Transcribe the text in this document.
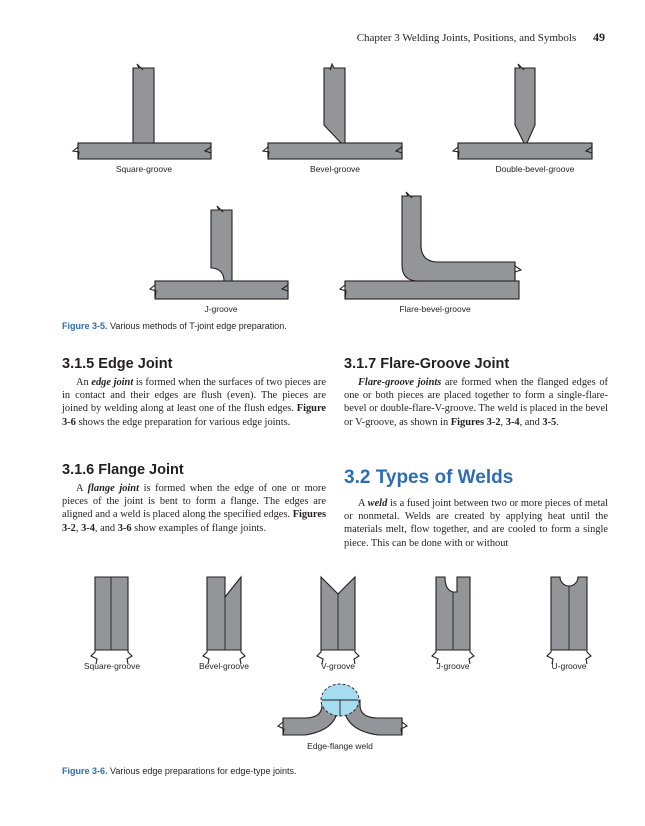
Chapter 3 Welding Joints, Positions, and Symbols 49
Square-groove	Bevel-groove	Double-bevel-groove
J-groove	Flare-bevel-groove
Figure 3-5. Various methods of T-joint edge preparation.
3.1.5 Edge Joint

An edge joint is formed when the surfaces of two pieces are in contact and their edges are flush (even). The pieces are joined by welding along at least one of the flush edges. Figure 3-6 shows the edge preparation for various edge joints.

3.1.6 Flange Joint

A flange joint is formed when the edge of one or more pieces of the joint is bent to form a flange. The edges are aligned and a weld is placed along the specified edges. Figures 3-2, 3-4, and 3-6 show examples of flange joints.

3.1.7 Flare-Groove Joint

Flare-groove joints are formed when the flanged edges of one or both pieces are placed together to form a single-flare-bevel or double-flare-V-groove. The weld is placed in the bevel or V-groove, as shown in Figures 3-2, 3-4, and 3-5.

3.2 Types of Welds

A weld is a fused joint between two or more pieces of metal or nonmetal. Welds are created by applying heat until the materials melt, flow together, and are cooled to form a single piece. This can be done with or without

Square-groove	Bevel-groove	V-groove	J-groove	U-groove
Edge-flange weld
Figure 3-6. Various edge preparations for edge-type joints.
